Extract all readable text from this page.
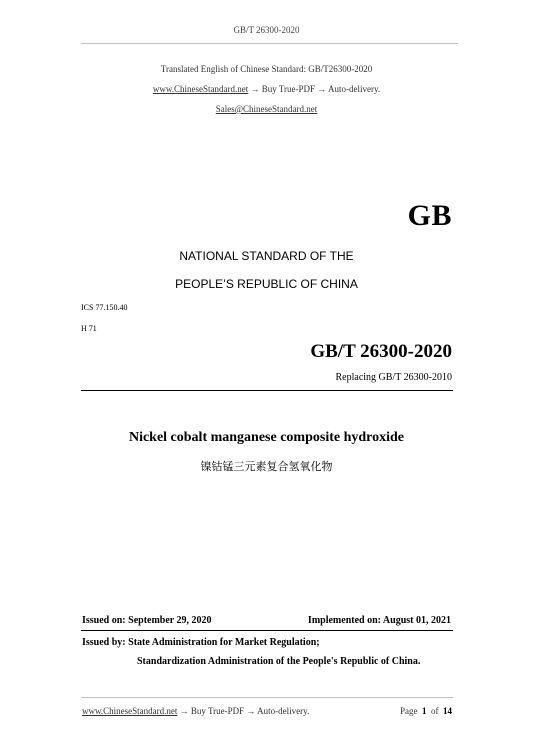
GB/T 26300-2020
Translated English of Chinese Standard: GB/T26300-2020
www.ChineseStandard.net → Buy True-PDF → Auto-delivery.
Sales@ChineseStandard.net
GB
NATIONAL STANDARD OF THE
PEOPLE’S REPUBLIC OF CHINA
ICS 77.150.40
H 71
GB/T 26300-2020
Replacing GB/T 26300-2010
Nickel cobalt manganese composite hydroxide
镍钴锰三元素复合氢氧化物
Issued on: September 29, 2020	Implemented on: August 01, 2021
Issued by: State Administration for Market Regulation;
Standardization Administration of the People's Republic of China.
www.ChineseStandard.net → Buy True-PDF → Auto-delivery.	Page 1 of 14
